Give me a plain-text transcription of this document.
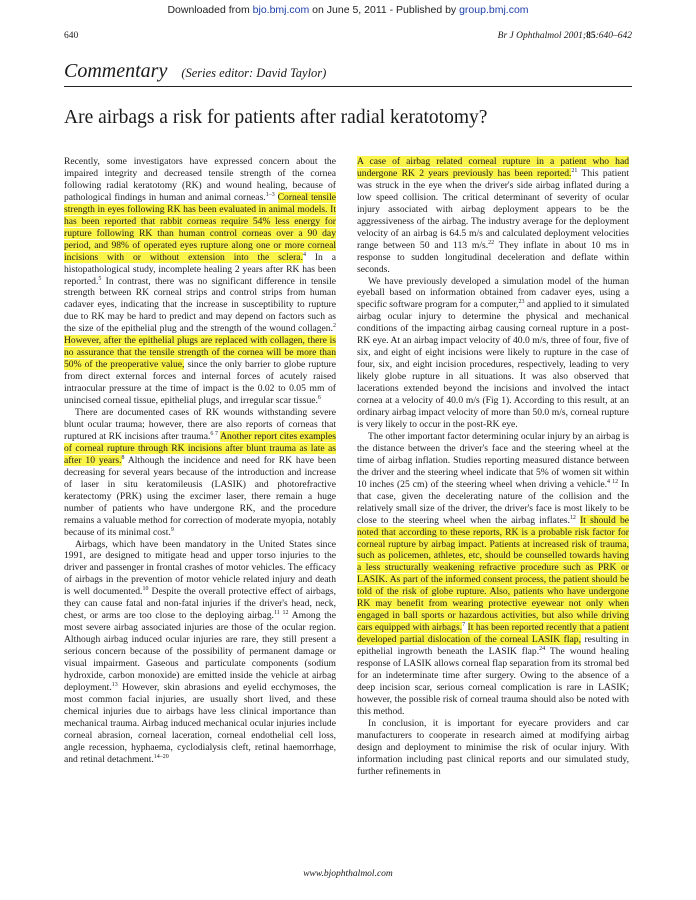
Downloaded from bjo.bmj.com on June 5, 2011 - Published by group.bmj.com
640	Br J Ophthalmol 2001;85:640–642
Commentary (Series editor: David Taylor)
Are airbags a risk for patients after radial keratotomy?

Recently, some investigators have expressed concern about the impaired integrity and decreased tensile strength of the cornea following radial keratotomy (RK) and wound healing, because of pathological findings in human and animal corneas.$^{1-3}$ Corneal tensile strength in eyes following RK has been evaluated in animal models. It has been reported that rabbit corneas require 54% less energy for rupture following RK than human control corneas over a 90 day period, and 98% of operated eyes rupture along one or more corneal incisions with or without extension into the sclera.$^4$ In a histopathological study, incomplete healing 2 years after RK has been reported.$^5$ In contrast, there was no significant difference in tensile strength between RK corneal strips and control strips from human cadaver eyes, indicating that the increase in susceptibility to rupture due to RK may be hard to predict and may depend on factors such as the size of the epithelial plug and the strength of the wound collagen.$^2$ However, after the epithelial plugs are replaced with collagen, there is no assurance that the tensile strength of the cornea will be more than 50% of the preoperative value, since the only barrier to globe rupture from direct external forces and internal forces of acutely raised intraocular pressure at the time of impact is the 0.02 to 0.05 mm of unincised corneal tissue, epithelial plugs, and irregular scar tissue.$^6$

There are documented cases of RK wounds withstanding severe blunt ocular trauma; however, there are also reports of corneas that ruptured at RK incisions after trauma.$^{6 7}$ Another report cites examples of corneal rupture through RK incisions after blunt trauma as late as after 10 years.$^8$ Although the incidence and need for RK have been decreasing for several years because of the introduction and increase of laser in situ keratomileusis (LASIK) and photorefractive keratectomy (PRK) using the excimer laser, there remain a huge number of patients who have undergone RK, and the procedure remains a valuable method for correction of moderate myopia, notably because of its minimal cost.$^9$

Airbags, which have been mandatory in the United States since 1991, are designed to mitigate head and upper torso injuries to the driver and passenger in frontal crashes of motor vehicles. The efficacy of airbags in the prevention of motor vehicle related injury and death is well documented.$^{10}$ Despite the overall protective effect of airbags, they can cause fatal and non-fatal injuries if the driver's head, neck, chest, or arms are too close to the deploying airbag.$^{11 12}$ Among the most severe airbag associated injuries are those of the ocular region. Although airbag induced ocular injuries are rare, they still present a serious concern because of the possibility of permanent damage or visual impairment. Gaseous and particulate components (sodium hydroxide, carbon monoxide) are emitted inside the vehicle at airbag deployment.$^{13}$ However, skin abrasions and eyelid ecchymoses, the most common facial injuries, are usually short lived, and these chemical injuries due to airbags have less clinical importance than mechanical trauma. Airbag induced mechanical ocular injuries include corneal abrasion, corneal laceration, corneal endothelial cell loss, angle recession, hyphaema, cyclodialysis cleft, retinal haemorrhage, and retinal detachment.$^{14-20}$

A case of airbag related corneal rupture in a patient who had undergone RK 2 years previously has been reported.$^{21}$ This patient was struck in the eye when the driver's side airbag inflated during a low speed collision. The critical determinant of severity of ocular injury associated with airbag deployment appears to be the aggressiveness of the airbag. The industry average for the deployment velocity of an airbag is 64.5 m/s and calculated deployment velocities range between 50 and 113 m/s.$^{22}$ They inflate in about 10 ms in response to sudden longitudinal deceleration and deflate within seconds.

We have previously developed a simulation model of the human eyeball based on information obtained from cadaver eyes, using a specific software program for a computer,$^{23}$ and applied to it simulated airbag ocular injury to determine the physical and mechanical conditions of the impacting airbag causing corneal rupture in a post-RK eye. At an airbag impact velocity of 40.0 m/s, three of four, five of six, and eight of eight incisions were likely to rupture in the case of four, six, and eight incision procedures, respectively, leading to very likely globe rupture in all situations. It was also observed that lacerations extended beyond the incisions and involved the intact cornea at a velocity of 40.0 m/s (Fig 1). According to this result, at an ordinary airbag impact velocity of more than 50.0 m/s, corneal rupture is very likely to occur in the post-RK eye.

The other important factor determining ocular injury by an airbag is the distance between the driver's face and the steering wheel at the time of airbag inflation. Studies reporting measured distance between the driver and the steering wheel indicate that 5% of women sit within 10 inches (25 cm) of the steering wheel when driving a vehicle.$^{4 12}$ In that case, given the decelerating nature of the collision and the relatively small size of the driver, the driver's face is most likely to be close to the steering wheel when the airbag inflates.$^{12}$ It should be noted that according to these reports, RK is a probable risk factor for corneal rupture by airbag impact. Patients at increased risk of trauma, such as policemen, athletes, etc, should be counselled towards having a less structurally weakening refractive procedure such as PRK or LASIK. As part of the informed consent process, the patient should be told of the risk of globe rupture. Also, patients who have undergone RK may benefit from wearing protective eyewear not only when engaged in ball sports or hazardous activities, but also while driving cars equipped with airbags.$^7$ It has been reported recently that a patient developed partial dislocation of the corneal LASIK flap, resulting in epithelial ingrowth beneath the LASIK flap.$^{24}$ The wound healing response of LASIK allows corneal flap separation from its stromal bed for an indeterminate time after surgery. Owing to the absence of a deep incision scar, serious corneal complication is rare in LASIK; however, the possible risk of corneal trauma should also be noted with this method.

In conclusion, it is important for eyecare providers and car manufacturers to cooperate in research aimed at modifying airbag design and deployment to minimise the risk of ocular injury. With information including past clinical reports and our simulated study, further refinements in

www.bjophthalmol.com
